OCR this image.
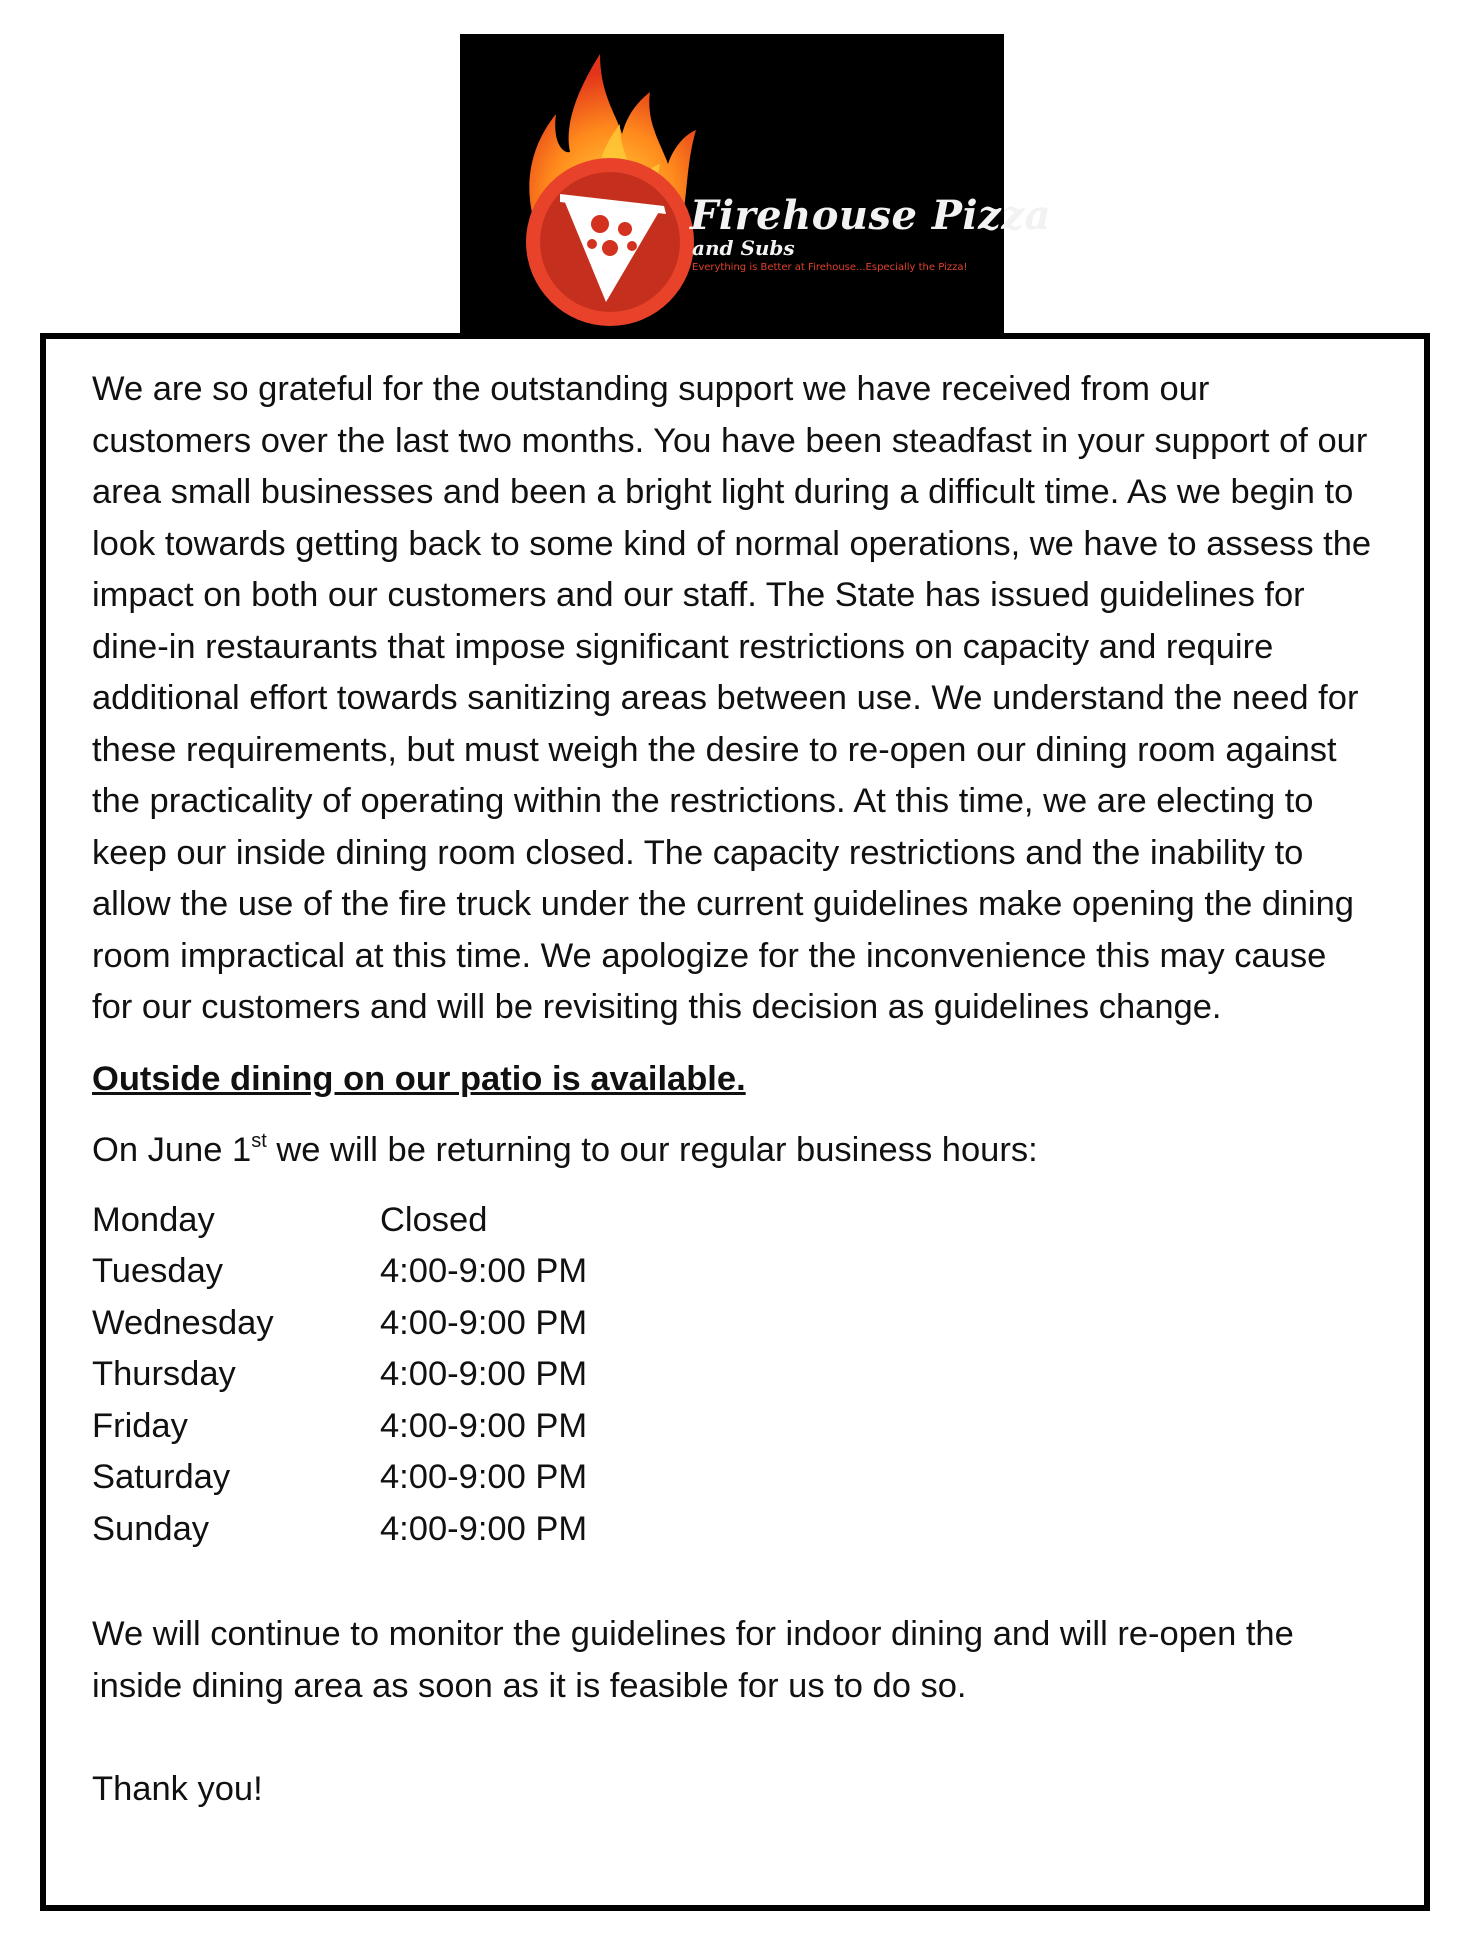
Firehouse Pizza
and Subs
Everything is Better at Firehouse...Especially the Pizza!

We are so grateful for the outstanding support we have received from our customers over the last two months. You have been steadfast in your support of our area small businesses and been a bright light during a difficult time. As we begin to look towards getting back to some kind of normal operations, we have to assess the impact on both our customers and our staff. The State has issued guidelines for dine-in restaurants that impose significant restrictions on capacity and require additional effort towards sanitizing areas between use. We understand the need for these requirements, but must weigh the desire to re-open our dining room against the practicality of operating within the restrictions. At this time, we are electing to keep our inside dining room closed. The capacity restrictions and the inability to allow the use of the fire truck under the current guidelines make opening the dining room impractical at this time. We apologize for the inconvenience this may cause for our customers and will be revisiting this decision as guidelines change.

Outside dining on our patio is available.

On June 1st we will be returning to our regular business hours:

Monday	Closed
Tuesday	4:00-9:00 PM
Wednesday	4:00-9:00 PM
Thursday	4:00-9:00 PM
Friday	4:00-9:00 PM
Saturday	4:00-9:00 PM
Sunday	4:00-9:00 PM

We will continue to monitor the guidelines for indoor dining and will re-open the inside dining area as soon as it is feasible for us to do so.

Thank you!
